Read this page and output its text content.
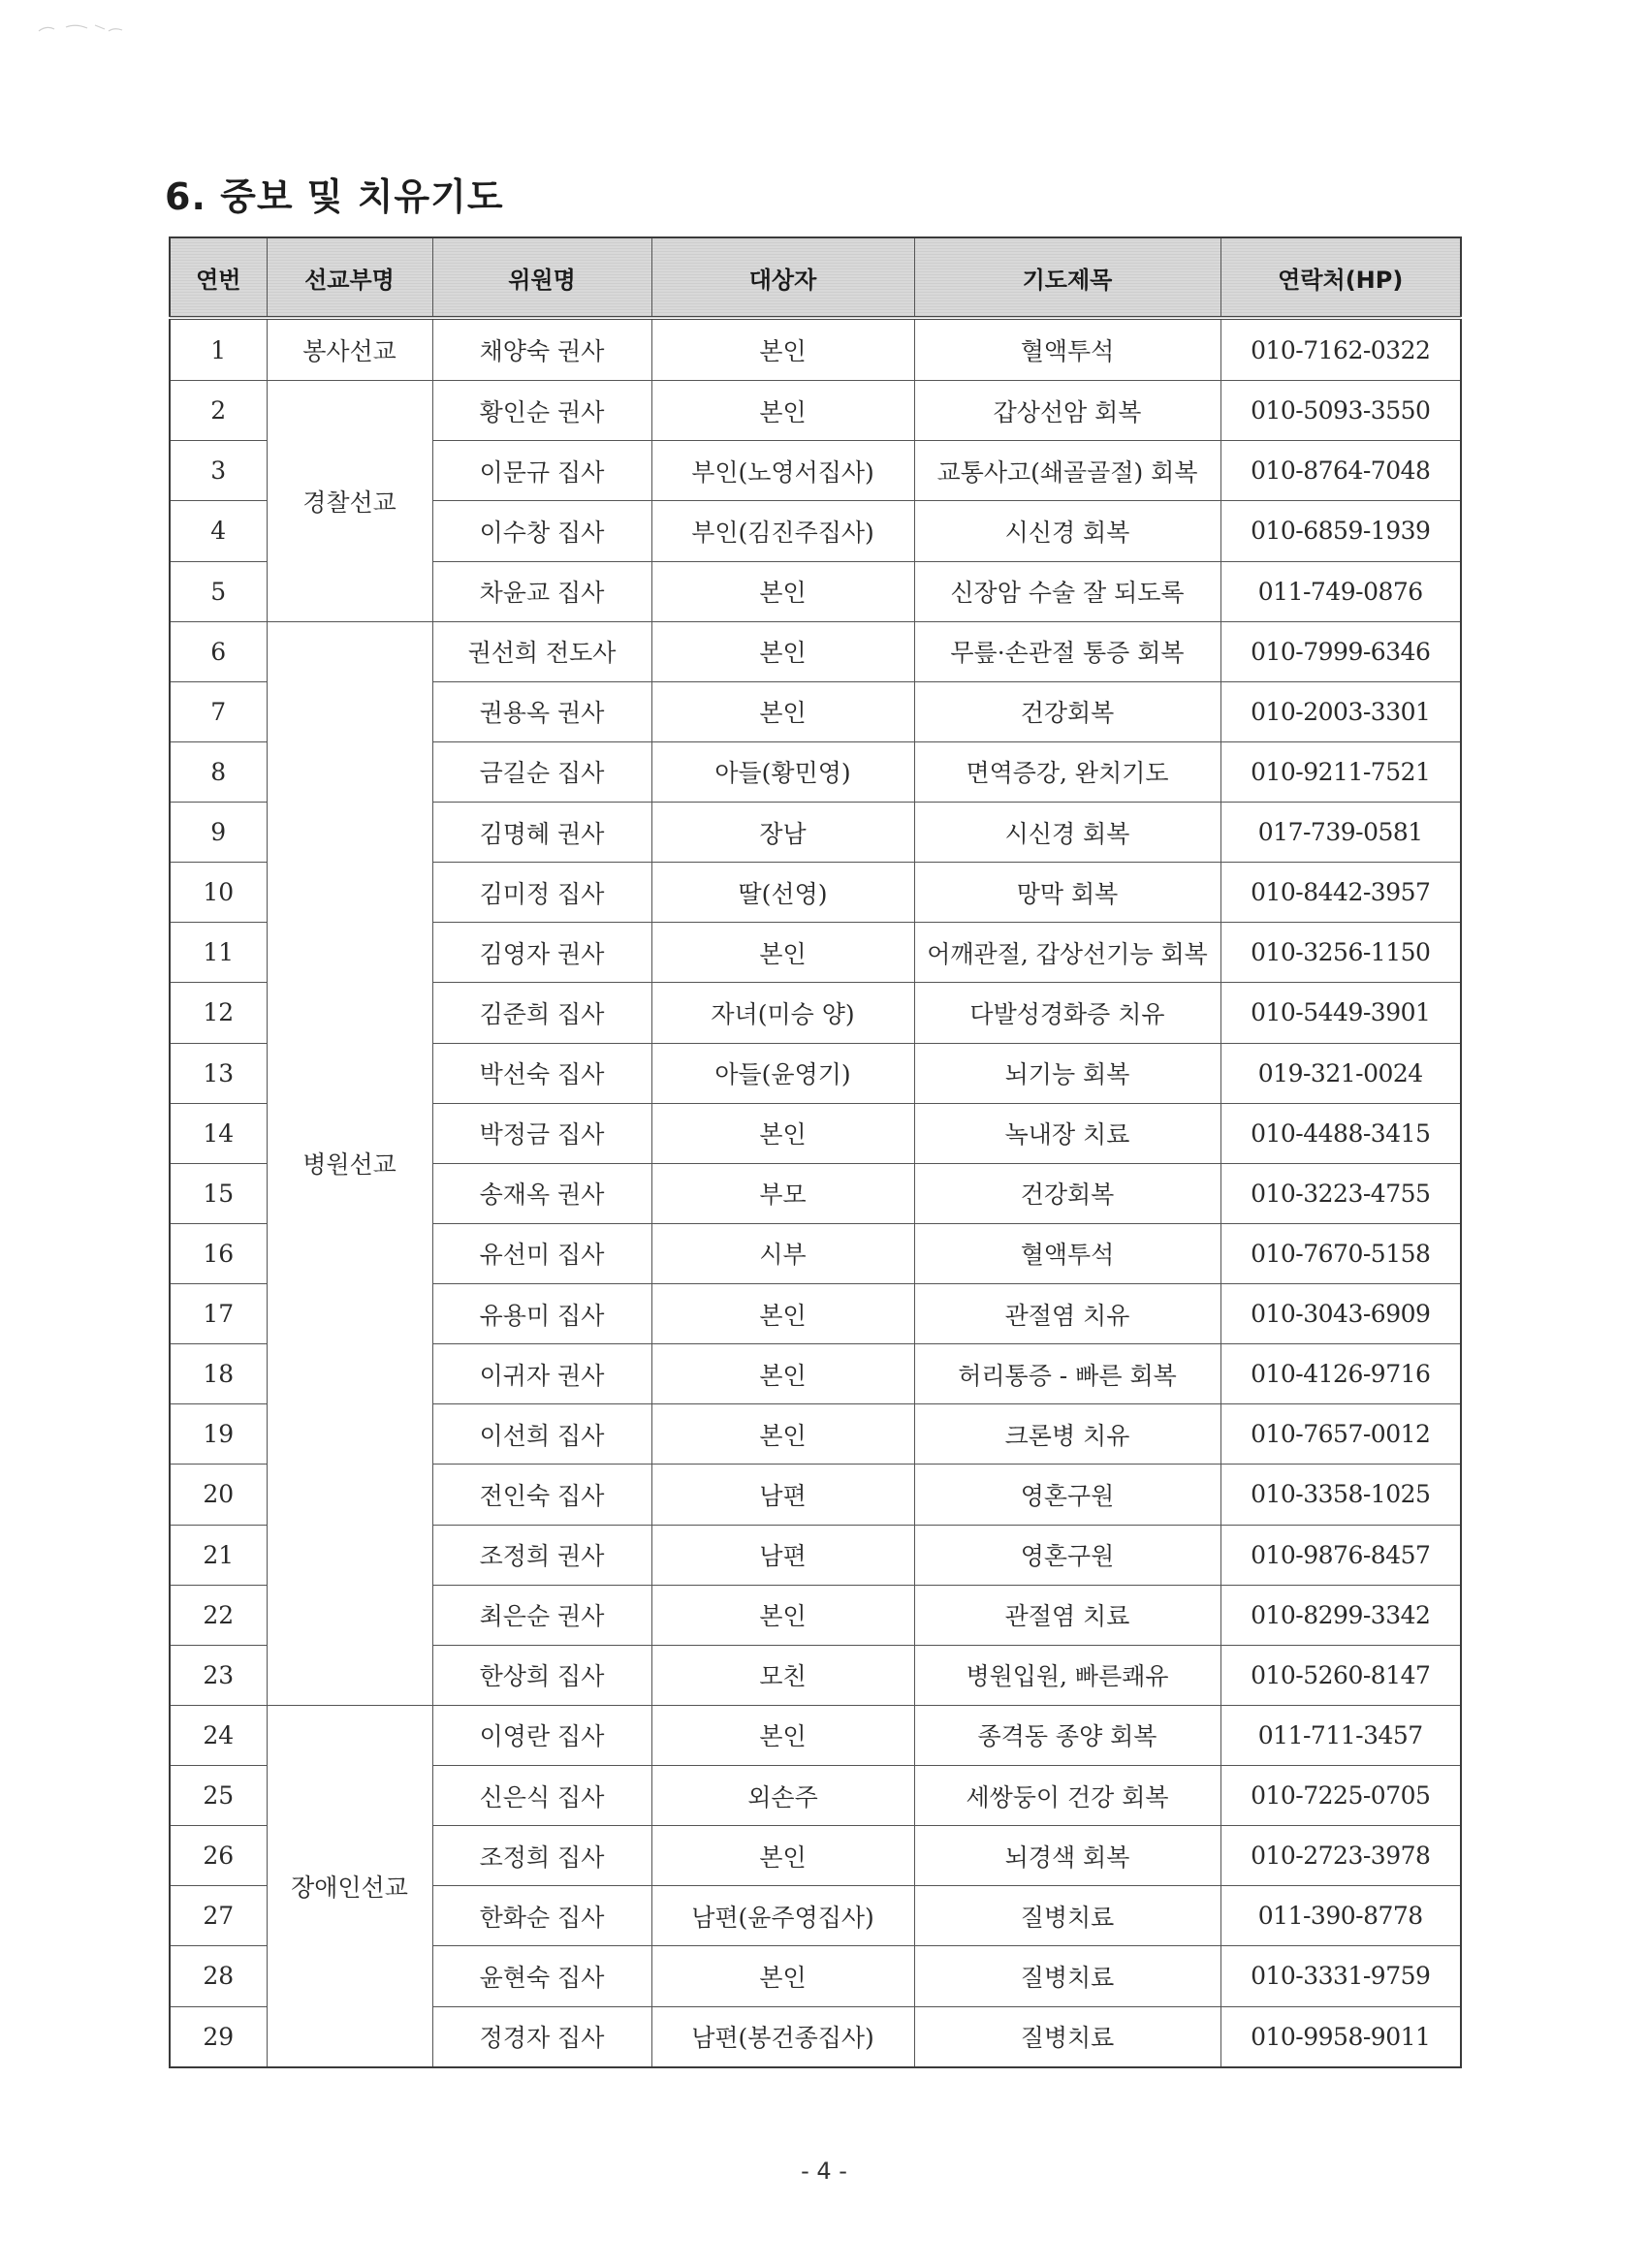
6. 중보 및 치유기도
연번	선교부명	위원명	대상자	기도제목	연락처(HP)
1	봉사선교	채양숙 권사	본인	혈액투석	010-7162-0322
2	경찰선교	황인순 권사	본인	갑상선암 회복	010-5093-3550
3		이문규 집사	부인(노영서집사)	교통사고(쇄골골절) 회복	010-8764-7048
4		이수창 집사	부인(김진주집사)	시신경 회복	010-6859-1939
5		차윤교 집사	본인	신장암 수술 잘 되도록	011-749-0876
6	병원선교	권선희 전도사	본인	무릎·손관절 통증 회복	010-7999-6346
7		권용옥 권사	본인	건강회복	010-2003-3301
8		금길순 집사	아들(황민영)	면역증강, 완치기도	010-9211-7521
9		김명혜 권사	장남	시신경 회복	017-739-0581
10		김미정 집사	딸(선영)	망막 회복	010-8442-3957
11		김영자 권사	본인	어깨관절, 갑상선기능 회복	010-3256-1150
12		김준희 집사	자녀(미승 양)	다발성경화증 치유	010-5449-3901
13		박선숙 집사	아들(윤영기)	뇌기능 회복	019-321-0024
14		박정금 집사	본인	녹내장 치료	010-4488-3415
15		송재옥 권사	부모	건강회복	010-3223-4755
16		유선미 집사	시부	혈액투석	010-7670-5158
17		유용미 집사	본인	관절염 치유	010-3043-6909
18		이귀자 권사	본인	허리통증 - 빠른 회복	010-4126-9716
19		이선희 집사	본인	크론병 치유	010-7657-0012
20		전인숙 집사	남편	영혼구원	010-3358-1025
21		조정희 권사	남편	영혼구원	010-9876-8457
22		최은순 권사	본인	관절염 치료	010-8299-3342
23		한상희 집사	모친	병원입원, 빠른쾌유	010-5260-8147
24	장애인선교	이영란 집사	본인	종격동 종양 회복	011-711-3457
25		신은식 집사	외손주	세쌍둥이 건강 회복	010-7225-0705
26		조정희 집사	본인	뇌경색 회복	010-2723-3978
27		한화순 집사	남편(윤주영집사)	질병치료	011-390-8778
28		윤현숙 집사	본인	질병치료	010-3331-9759
29		정경자 집사	남편(봉건종집사)	질병치료	010-9958-9011
- 4 -
